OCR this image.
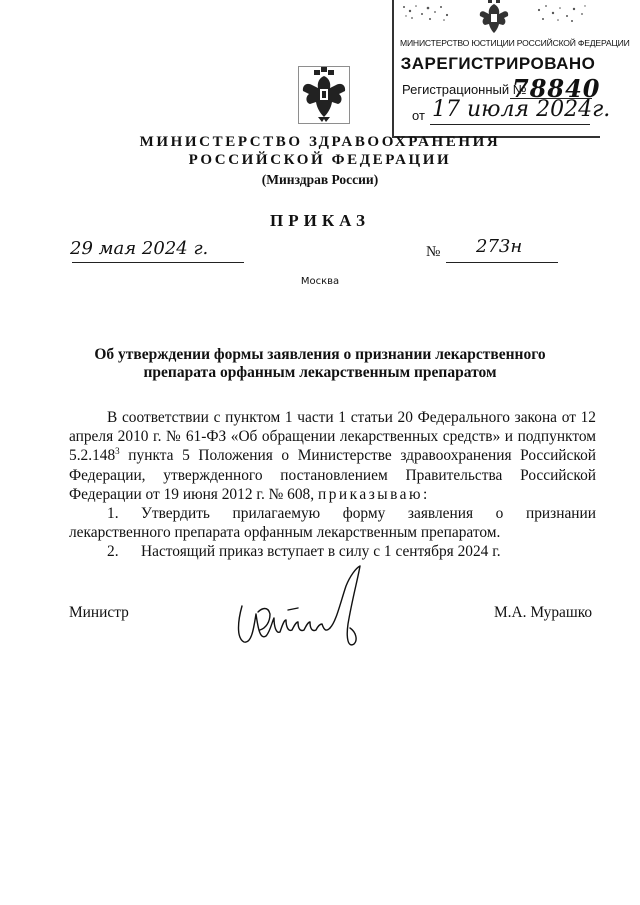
МИНИСТЕРСТВО ЮСТИЦИИ РОССИЙСКОЙ ФЕДЕРАЦИИ
ЗАРЕГИСТРИРОВАНО
Регистрационный №
78840
от 17 июля 2024г.
МИНИСТЕРСТВО ЗДРАВООХРАНЕНИЯ
РОССИЙСКОЙ ФЕДЕРАЦИИ
(Минздрав России)
ПРИКАЗ
29 мая 2024 г.	№ 273н
Москва
Об утверждении формы заявления о признании лекарственного препарата орфанным лекарственным препаратом

В соответствии с пунктом 1 части 1 статьи 20 Федерального закона от 12 апреля 2010 г. № 61-ФЗ «Об обращении лекарственных средств» и подпунктом 5.2.148$^3$ пункта 5 Положения о Министерстве здравоохранения Российской Федерации, утвержденного постановлением Правительства Российской Федерации от 19 июня 2012 г. № 608, приказываю:

1. Утвердить прилагаемую форму заявления о признании лекарственного препарата орфанным лекарственным препаратом.

2. Настоящий приказ вступает в силу с 1 сентября 2024 г.

Министр	М.А. Мурашко
